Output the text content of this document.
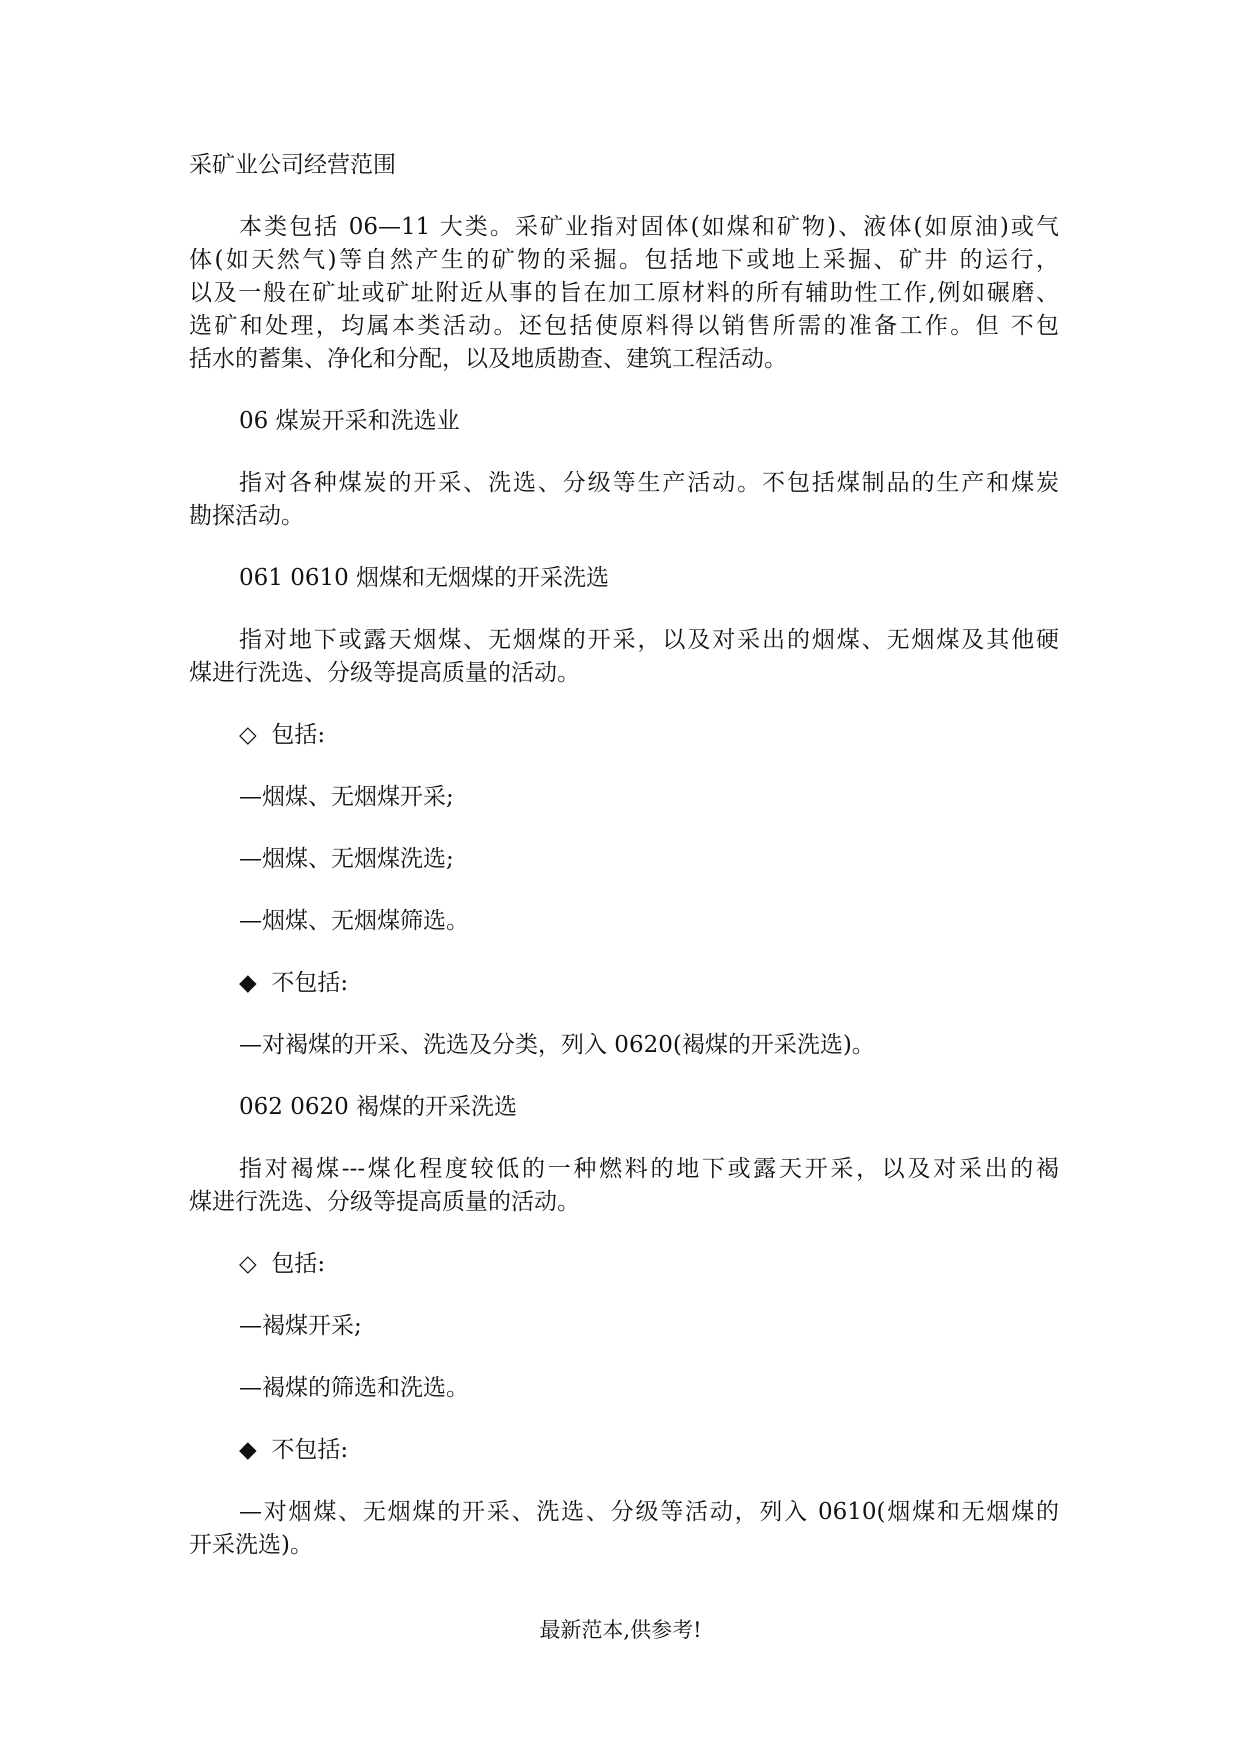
采矿业公司经营范围
本类包括 06—11 大类。采矿业指对固体(如煤和矿物)、液体(如原油)或气
体(如天然气)等自然产生的矿物的采掘。包括地下或地上采掘、矿井 的运行，
以及一般在矿址或矿址附近从事的旨在加工原材料的所有辅助性工作,例如碾磨、
选矿和处理，均属本类活动。还包括使原料得以销售所需的准备工作。但 不包
括水的蓄集、净化和分配，以及地质勘查、建筑工程活动。
06 煤炭开采和洗选业
指对各种煤炭的开采、洗选、分级等生产活动。不包括煤制品的生产和煤炭
勘探活动。
061 0610 烟煤和无烟煤的开采洗选
指对地下或露天烟煤、无烟煤的开采，以及对采出的烟煤、无烟煤及其他硬
煤进行洗选、分级等提高质量的活动。
◇ 包括:
—烟煤、无烟煤开采;
—烟煤、无烟煤洗选;
—烟煤、无烟煤筛选。
◆ 不包括:
—对褐煤的开采、洗选及分类，列入 0620(褐煤的开采洗选)。
062 0620 褐煤的开采洗选
指对褐煤---煤化程度较低的一种燃料的地下或露天开采，以及对采出的褐
煤进行洗选、分级等提高质量的活动。
◇ 包括:
—褐煤开采;
—褐煤的筛选和洗选。
◆ 不包括:
—对烟煤、无烟煤的开采、洗选、分级等活动，列入 0610(烟煤和无烟煤的
开采洗选)。
最新范本,供参考!
